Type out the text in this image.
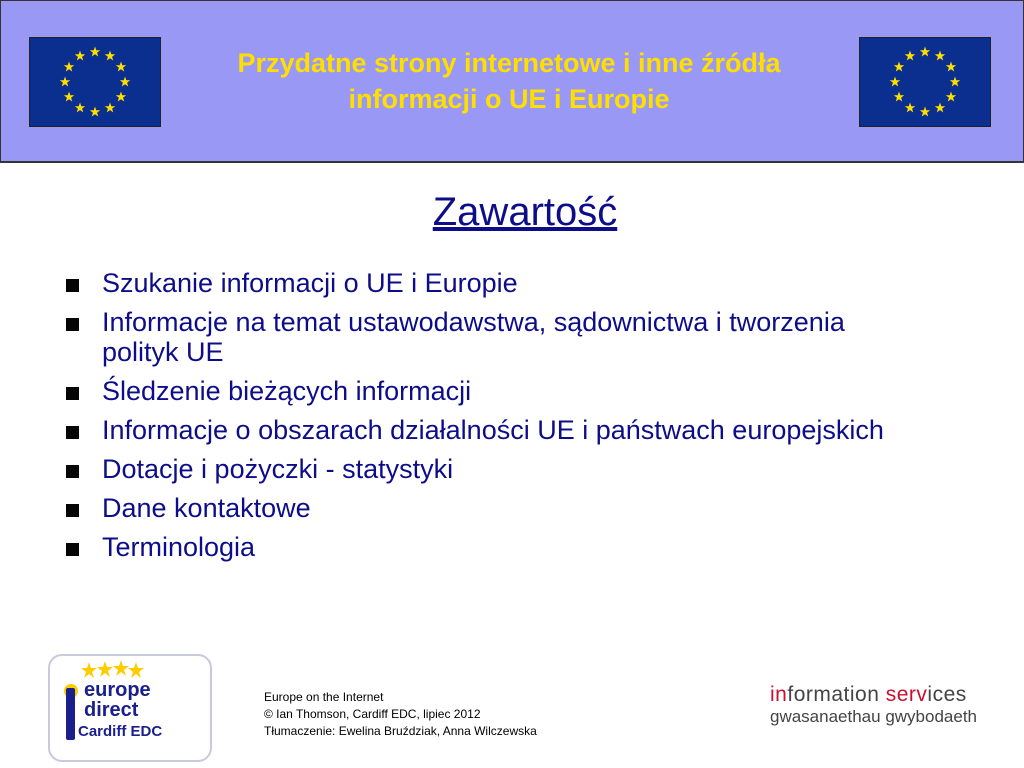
Przydatne strony internetowe i inne źródła
informacji o UE i Europie
Zawartość
Szukanie informacji o UE i Europie
Informacje na temat ustawodawstwa, sądownictwa i tworzenia polityk UE
Śledzenie bieżących informacji
Informacje o obszarach działalności UE i państwach europejskich
Dotacje i pożyczki - statystyki
Dane kontaktowe
Terminologia
europe
direct
Cardiff EDC
Europe on the Internet
© Ian Thomson, Cardiff EDC, lipiec 2012
Tłumaczenie: Ewelina Bruździak, Anna Wilczewska
information services
gwasanaethau gwybodaeth
